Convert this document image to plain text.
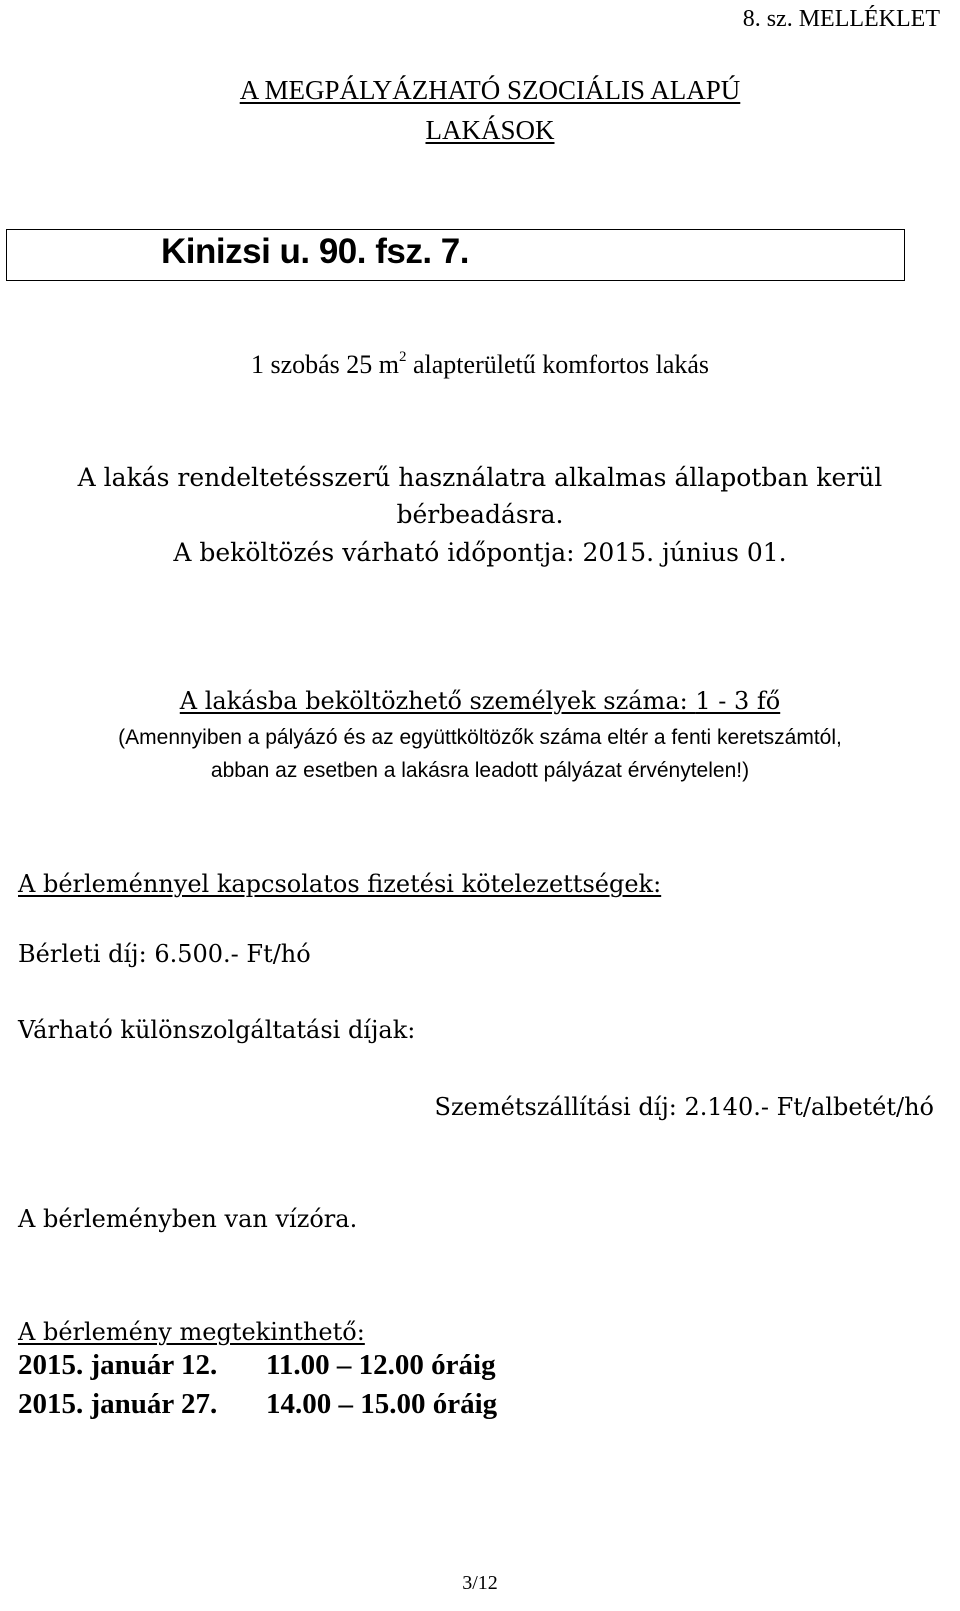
8. sz. MELLÉKLET
A MEGPÁLYÁZHATÓ SZOCIÁLIS ALAPÚ
LAKÁSOK
Kinizsi u. 90. fsz. 7.
1 szobás 25 $m^2$ alapterületű komfortos lakás
A lakás rendeltetésszerű használatra alkalmas állapotban kerül
bérbeadásra.
A beköltözés várható időpontja: 2015. június 01.
A lakásba beköltözhető személyek száma: 1 - 3 fő
(Amennyiben a pályázó és az együttköltözők száma eltér a fenti keretszámtól,
abban az esetben a lakásra leadott pályázat érvénytelen!)
A bérleménnyel kapcsolatos fizetési kötelezettségek:
Bérleti díj: 6.500.- Ft/hó
Várható különszolgáltatási díjak:
Szemétszállítási díj: 2.140.- Ft/albetét/hó
A bérleményben van vízóra.
A bérlemény megtekinthető:
2015. január 12. 11.00 – 12.00 óráig
2015. január 27. 14.00 – 15.00 óráig
3/12
